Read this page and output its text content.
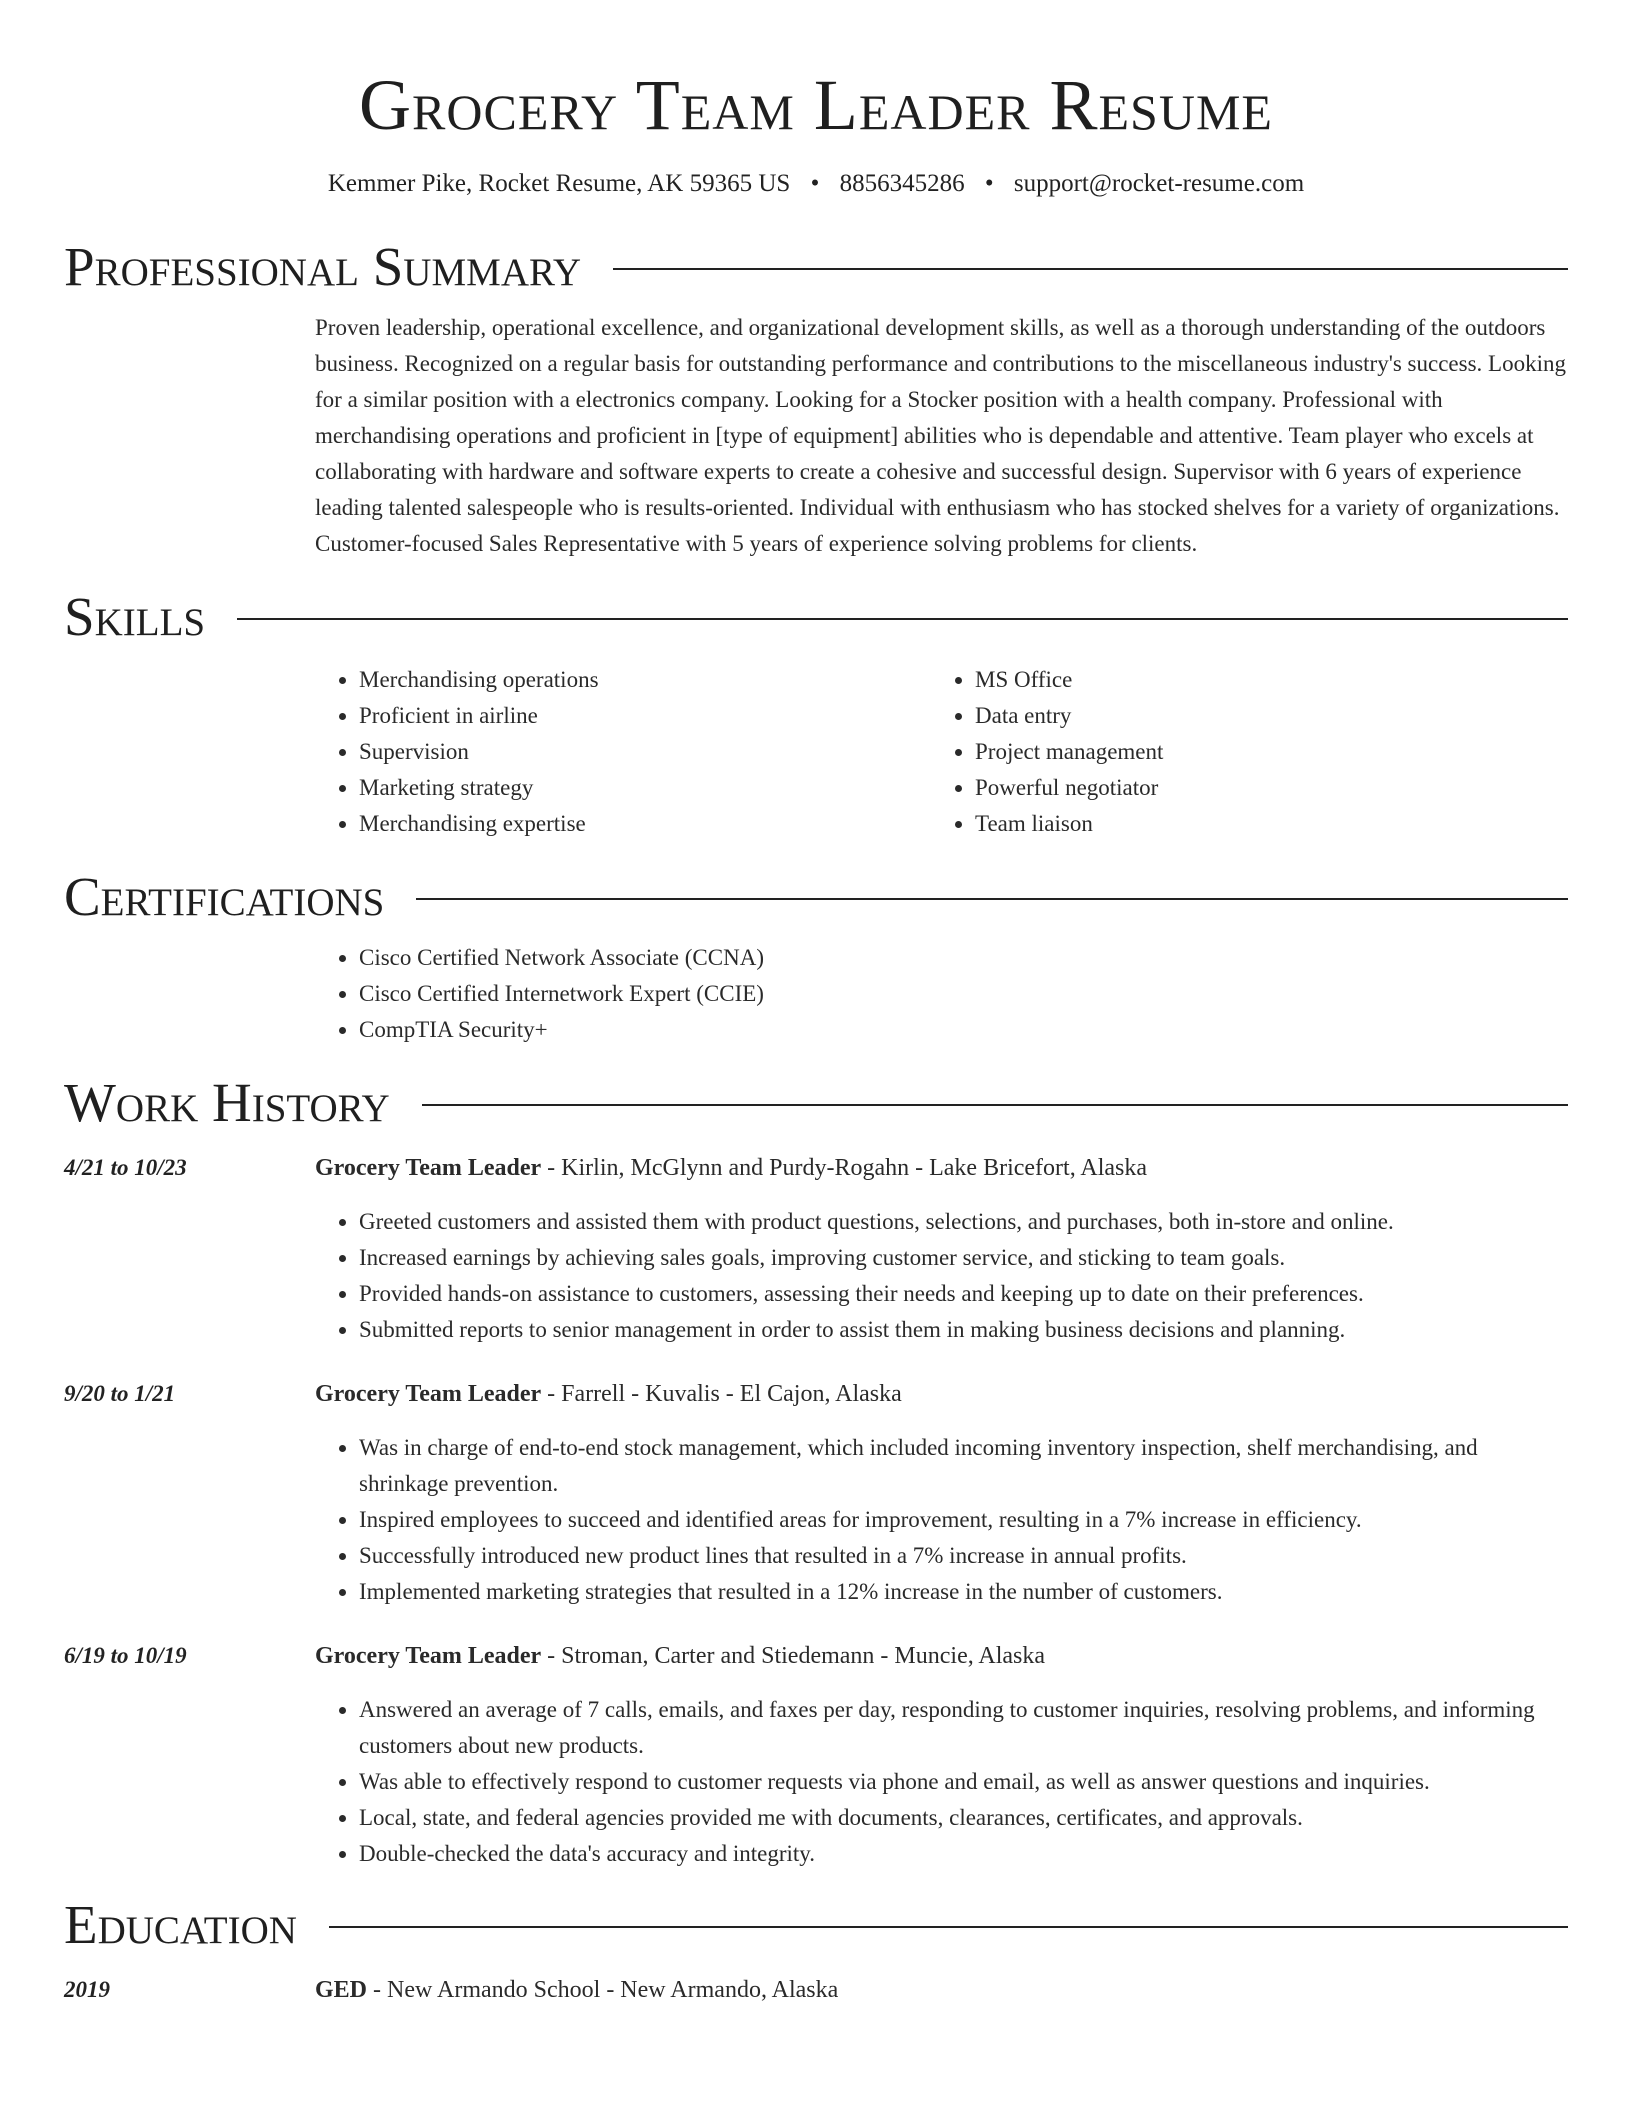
Grocery Team Leader Resume
Kemmer Pike, Rocket Resume, AK 59365 US • 8856345286 • support@rocket-resume.com
Professional Summary
Proven leadership, operational excellence, and organizational development skills, as well as a thorough understanding of the outdoors business. Recognized on a regular basis for outstanding performance and contributions to the miscellaneous industry's success. Looking for a similar position with a electronics company. Looking for a Stocker position with a health company. Professional with merchandising operations and proficient in [type of equipment] abilities who is dependable and attentive. Team player who excels at collaborating with hardware and software experts to create a cohesive and successful design. Supervisor with 6 years of experience leading talented salespeople who is results-oriented. Individual with enthusiasm who has stocked shelves for a variety of organizations. Customer-focused Sales Representative with 5 years of experience solving problems for clients.
Skills
• Merchandising operations
• Proficient in airline
• Supervision
• Marketing strategy
• Merchandising expertise
• MS Office
• Data entry
• Project management
• Powerful negotiator
• Team liaison
Certifications
• Cisco Certified Network Associate (CCNA)
• Cisco Certified Internetwork Expert (CCIE)
• CompTIA Security+
Work History
4/21 to 10/23	Grocery Team Leader - Kirlin, McGlynn and Purdy-Rogahn - Lake Bricefort, Alaska
• Greeted customers and assisted them with product questions, selections, and purchases, both in-store and online.
• Increased earnings by achieving sales goals, improving customer service, and sticking to team goals.
• Provided hands-on assistance to customers, assessing their needs and keeping up to date on their preferences.
• Submitted reports to senior management in order to assist them in making business decisions and planning.
9/20 to 1/21	Grocery Team Leader - Farrell - Kuvalis - El Cajon, Alaska
• Was in charge of end-to-end stock management, which included incoming inventory inspection, shelf merchandising, and shrinkage prevention.
• Inspired employees to succeed and identified areas for improvement, resulting in a 7% increase in efficiency.
• Successfully introduced new product lines that resulted in a 7% increase in annual profits.
• Implemented marketing strategies that resulted in a 12% increase in the number of customers.
6/19 to 10/19	Grocery Team Leader - Stroman, Carter and Stiedemann - Muncie, Alaska
• Answered an average of 7 calls, emails, and faxes per day, responding to customer inquiries, resolving problems, and informing customers about new products.
• Was able to effectively respond to customer requests via phone and email, as well as answer questions and inquiries.
• Local, state, and federal agencies provided me with documents, clearances, certificates, and approvals.
• Double-checked the data's accuracy and integrity.
Education
2019	GED - New Armando School - New Armando, Alaska
